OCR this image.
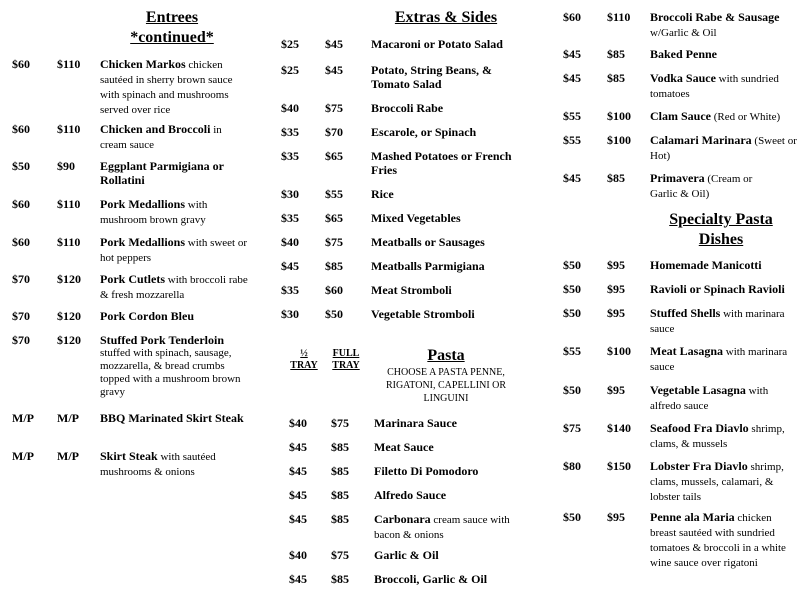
Entrees
*continued*
$60 $110 Chicken Markos chicken sautéed in sherry brown sauce with spinach and mushrooms served over rice
$60 $110 Chicken and Broccoli in cream sauce
$50 $90 Eggplant Parmigiana or Rollatini
$60 $110 Pork Medallions with mushroom brown gravy
$60 $110 Pork Medallions with sweet or hot peppers
$70 $120 Pork Cutlets with broccoli rabe & fresh mozzarella
$70 $120 Pork Cordon Bleu
$70 $120 Stuffed Pork Tenderloin
stuffed with spinach, sausage, mozzarella, & bread crumbs topped with a mushroom brown gravy
M/P M/P BBQ Marinated Skirt Steak
M/P M/P Skirt Steak with sautéed mushrooms & onions
Extras & Sides
$25 $45 Macaroni or Potato Salad
$25 $45 Potato, String Beans, & Tomato Salad
$40 $75 Broccoli Rabe
$35 $70 Escarole, or Spinach
$35 $65 Mashed Potatoes or French Fries
$30 $55 Rice
$35 $65 Mixed Vegetables
$40 $75 Meatballs or Sausages
$45 $85 Meatballs Parmigiana
$35 $60 Meat Stromboli
$30 $50 Vegetable Stromboli
½
TRAY
FULL
TRAY
Pasta
CHOOSE A PASTA PENNE, RIGATONI, CAPELLINI OR LINGUINI
$40 $75 Marinara Sauce
$45 $85 Meat Sauce
$45 $85 Filetto Di Pomodoro
$45 $85 Alfredo Sauce
$45 $85 Carbonara cream sauce with bacon & onions
$40 $75 Garlic & Oil
$45 $85 Broccoli, Garlic & Oil
$60 $110 Broccoli Rabe & Sausage w/Garlic & Oil
$45 $85 Baked Penne
$45 $85 Vodka Sauce with sundried tomatoes
$55 $100 Clam Sauce (Red or White)
$55 $100 Calamari Marinara (Sweet or Hot)
$45 $85 Primavera (Cream or Garlic & Oil)
Specialty Pasta
Dishes
$50 $95 Homemade Manicotti
$50 $95 Ravioli or Spinach Ravioli
$50 $95 Stuffed Shells with marinara sauce
$55 $100 Meat Lasagna with marinara sauce
$50 $95 Vegetable Lasagna with alfredo sauce
$75 $140 Seafood Fra Diavlo shrimp, clams, & mussels
$80 $150 Lobster Fra Diavlo shrimp, clams, mussels, calamari, & lobster tails
$50 $95 Penne ala Maria chicken breast sautéed with sundried tomatoes & broccoli in a white wine sauce over rigatoni
